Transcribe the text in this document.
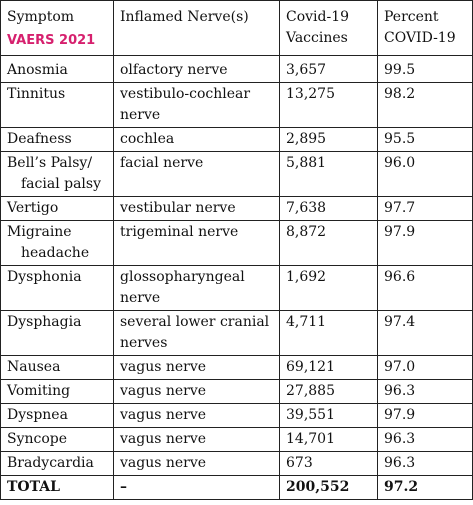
Symptom
VAERS 2021	Inflamed Nerve(s)	Covid-19 Vaccines	Percent COVID-19
Anosmia	olfactory nerve	3,657	99.5
Tinnitus	vestibulo-cochlear nerve	13,275	98.2
Deafness	cochlea	2,895	95.5

Bell’s Palsy/ facial palsy	facial nerve	5,881	96.0
Vertigo	vestibular nerve	7,638	97.7

Migraine headache	trigeminal nerve	8,872	97.9
Dysphonia	glossopharyngeal nerve	1,692	96.6
Dysphagia	several lower cranial nerves	4,711	97.4
Nausea	vagus nerve	69,121	97.0
Vomiting	vagus nerve	27,885	96.3
Dyspnea	vagus nerve	39,551	97.9
Syncope	vagus nerve	14,701	96.3
Bradycardia	vagus nerve	673	96.3
TOTAL	–	200,552	97.2
